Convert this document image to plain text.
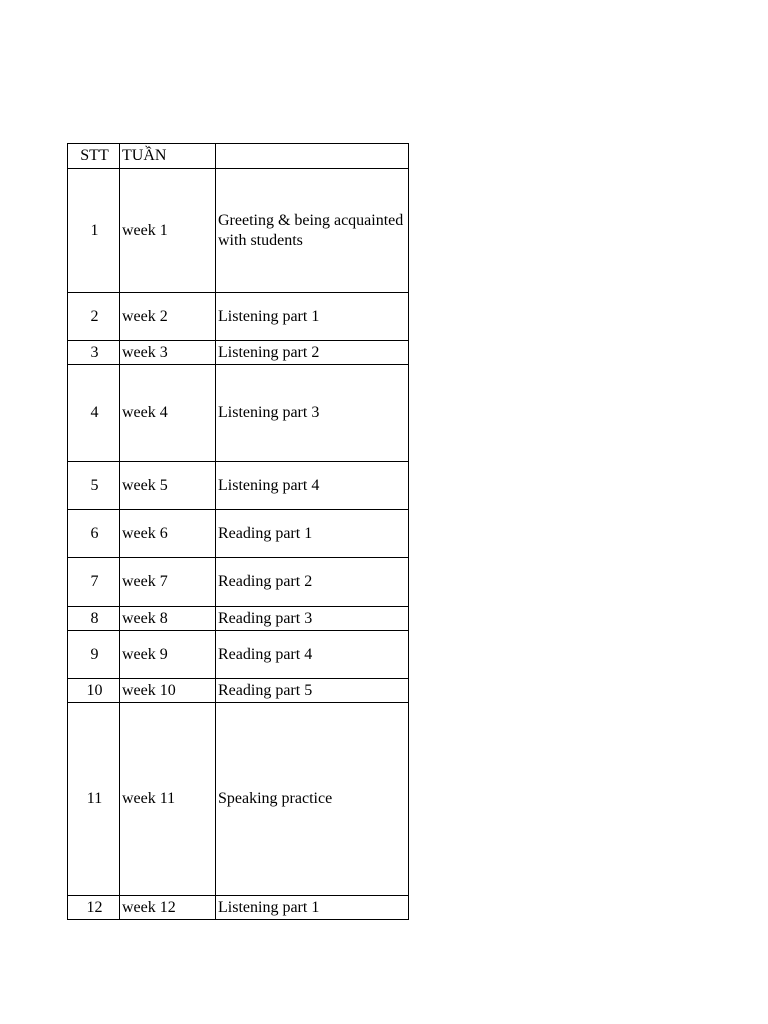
STT	TUẦN	
1	week 1	Greeting & being acquainted with students
2	week 2	Listening part 1
3	week 3	Listening part 2
4	week 4	Listening part 3
5	week 5	Listening part 4
6	week 6	Reading part 1
7	week 7	Reading part 2
8	week 8	Reading part 3
9	week 9	Reading part 4
10	week 10	Reading part 5
11	week 11	Speaking practice
12	week 12	Listening part 1
